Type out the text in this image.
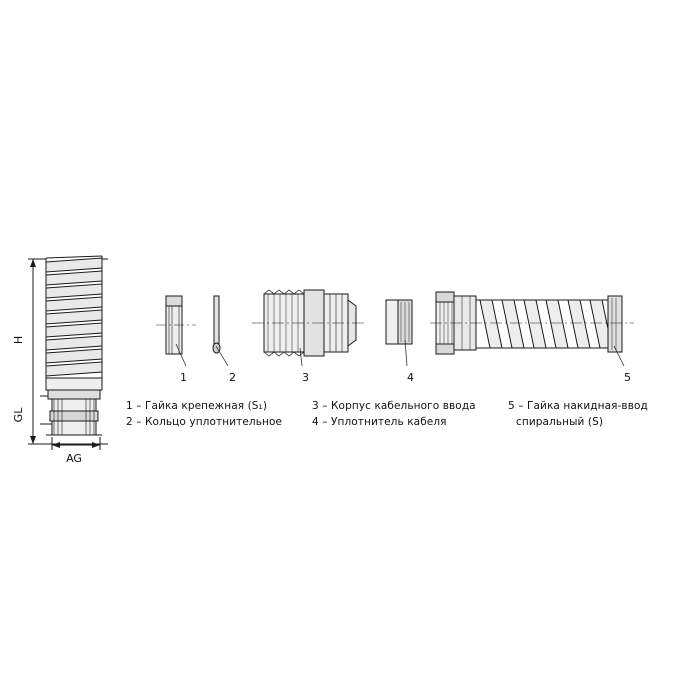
H
GL
AG
1	2	3	4	5
1 – Гайка крепежная (S₁)
2 – Кольцо уплотнительное
3 – Корпус кабельного ввода
4 – Уплотнитель кабеля
5 – Гайка накидная-ввод
спиральный (S)
